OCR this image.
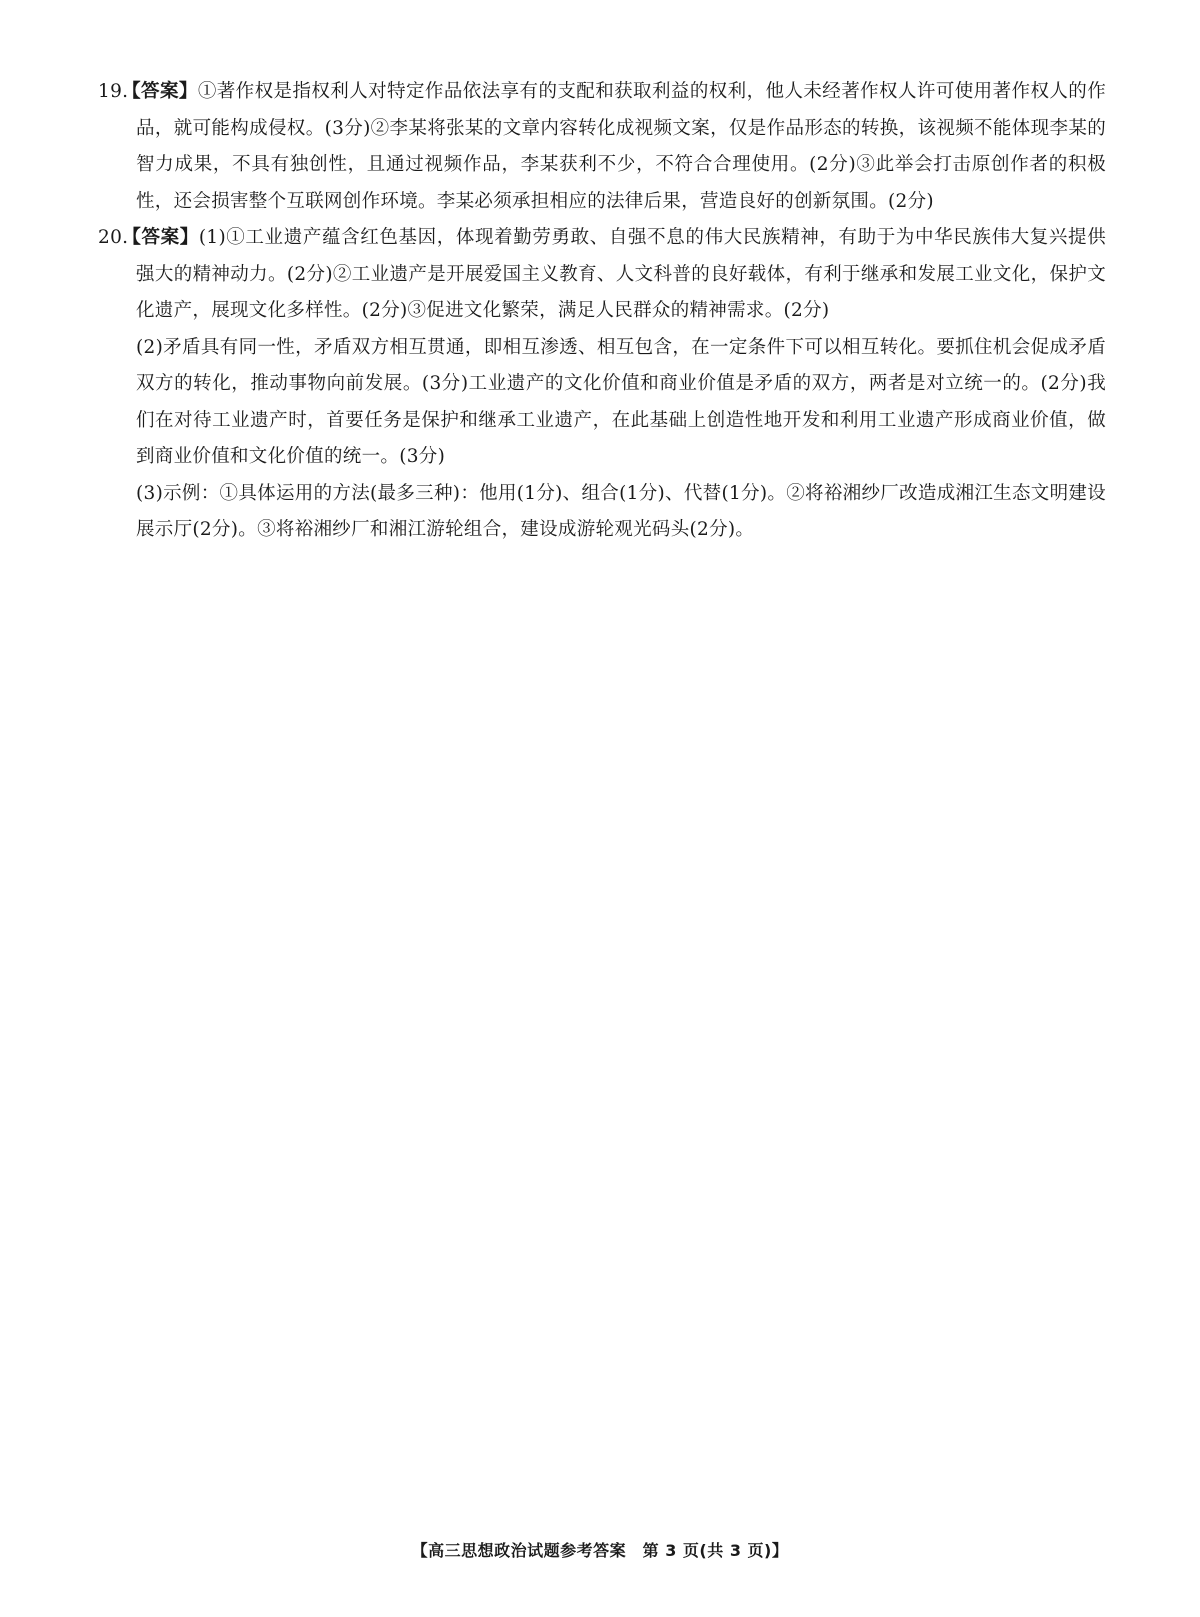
19.【答案】①著作权是指权利人对特定作品依法享有的支配和获取利益的权利，他人未经著作权人许可使用著作权人的作品，就可能构成侵权。(3分)②李某将张某的文章内容转化成视频文案，仅是作品形态的转换，该视频不能体现李某的智力成果，不具有独创性，且通过视频作品，李某获利不少，不符合合理使用。(2分)③此举会打击原创作者的积极性，还会损害整个互联网创作环境。李某必须承担相应的法律后果，营造良好的创新氛围。(2分)

20.【答案】(1)①工业遗产蕴含红色基因，体现着勤劳勇敢、自强不息的伟大民族精神，有助于为中华民族伟大复兴提供强大的精神动力。(2分)②工业遗产是开展爱国主义教育、人文科普的良好载体，有利于继承和发展工业文化，保护文化遗产，展现文化多样性。(2分)③促进文化繁荣，满足人民群众的精神需求。(2分)

(2)矛盾具有同一性，矛盾双方相互贯通，即相互渗透、相互包含，在一定条件下可以相互转化。要抓住机会促成矛盾双方的转化，推动事物向前发展。(3分)工业遗产的文化价值和商业价值是矛盾的双方，两者是对立统一的。(2分)我们在对待工业遗产时，首要任务是保护和继承工业遗产，在此基础上创造性地开发和利用工业遗产形成商业价值，做到商业价值和文化价值的统一。(3分)

(3)示例：①具体运用的方法(最多三种)：他用(1分)、组合(1分)、代替(1分)。②将裕湘纱厂改造成湘江生态文明建设展示厅(2分)。③将裕湘纱厂和湘江游轮组合，建设成游轮观光码头(2分)。

【高三思想政治试题参考答案　第 3 页(共 3 页)】
